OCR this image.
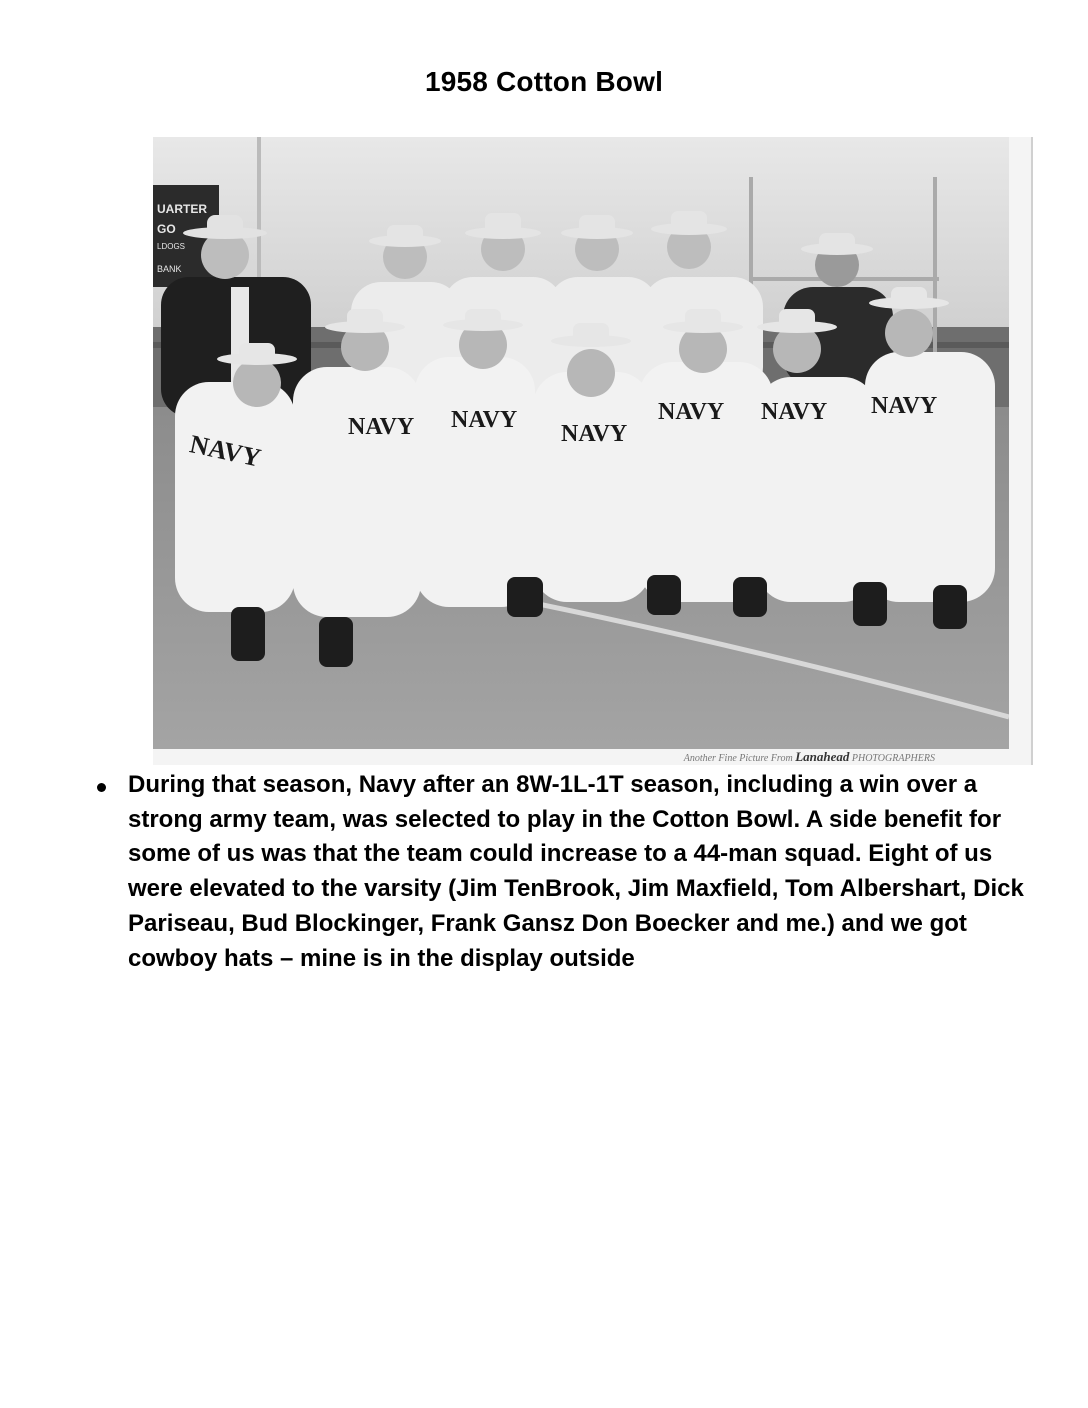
1958 Cotton Bowl
UARTER
GO
LDOGS
BANK
NAVY
NAVY NAVY
NAVY
NAVY NAVY NAVY
Another Fine Picture From Lanahead PHOTOGRAPHERS
During that season, Navy after an 8W-1L-1T season, including a win over a strong army team, was selected to play in the Cotton Bowl. A side benefit for some of us was that the team could increase to a 44-man squad. Eight of us were elevated to the varsity (Jim TenBrook, Jim Maxfield, Tom Albershart, Dick Pariseau, Bud Blockinger, Frank Gansz Don Boecker and me.) and we got cowboy hats – mine is in the display outside
